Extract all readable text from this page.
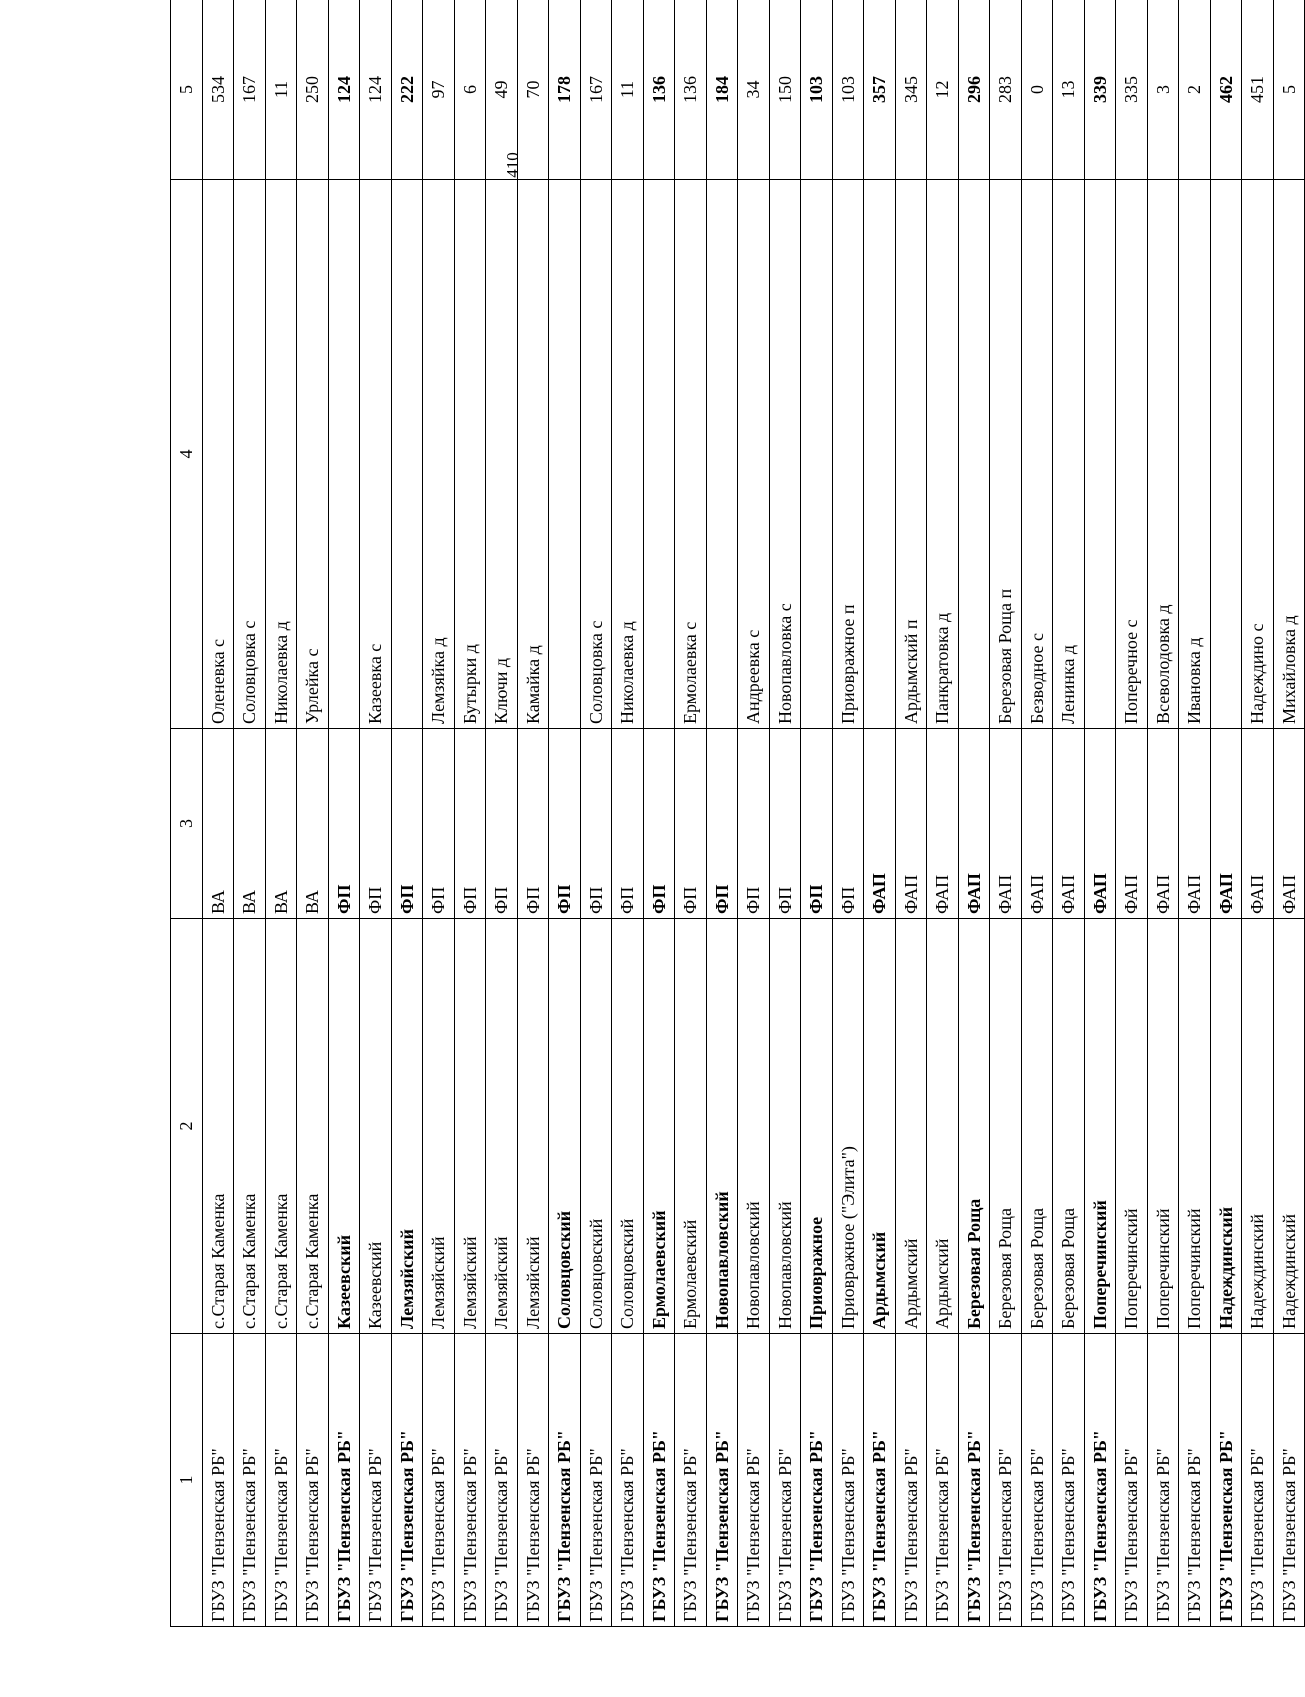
410
1	2	3	4	5
ГБУЗ "Пензенская РБ"	с.Старая Каменка	ВА	Оленевка с	534
ГБУЗ "Пензенская РБ"	с.Старая Каменка	ВА	Соловцовка с	167
ГБУЗ "Пензенская РБ"	с.Старая Каменка	ВА	Николаевка д	11
ГБУЗ "Пензенская РБ"	с.Старая Каменка	ВА	Урлейка с	250
ГБУЗ "Пензенская РБ"	Казеевский	ФП		124
ГБУЗ "Пензенская РБ"	Казеевский	ФП	Казеевка с	124
ГБУЗ "Пензенская РБ"	Лемзяйский	ФП		222
ГБУЗ "Пензенская РБ"	Лемзяйский	ФП	Лемзяйка д	97
ГБУЗ "Пензенская РБ"	Лемзяйский	ФП	Бутырки д	6
ГБУЗ "Пензенская РБ"	Лемзяйский	ФП	Ключи д	49
ГБУЗ "Пензенская РБ"	Лемзяйский	ФП	Камайка д	70
ГБУЗ "Пензенская РБ"	Соловцовский	ФП		178
ГБУЗ "Пензенская РБ"	Соловцовский	ФП	Соловцовка с	167
ГБУЗ "Пензенская РБ"	Соловцовский	ФП	Николаевка д	11
ГБУЗ "Пензенская РБ"	Ермолаевский	ФП		136
ГБУЗ "Пензенская РБ"	Ермолаевский	ФП	Ермолаевка с	136
ГБУЗ "Пензенская РБ"	Новопавловский	ФП		184
ГБУЗ "Пензенская РБ"	Новопавловский	ФП	Андреевка с	34
ГБУЗ "Пензенская РБ"	Новопавловский	ФП	Новопавловка с	150
ГБУЗ "Пензенская РБ"	Приовражное	ФП		103
ГБУЗ "Пензенская РБ"	Приовражное ("Элита")	ФП	Приовражное п	103
ГБУЗ "Пензенская РБ"	Ардымский	ФАП		357
ГБУЗ "Пензенская РБ"	Ардымский	ФАП	Ардымский п	345
ГБУЗ "Пензенская РБ"	Ардымский	ФАП	Панкратовка д	12
ГБУЗ "Пензенская РБ"	Березовая Роща	ФАП		296
ГБУЗ "Пензенская РБ"	Березовая Роща	ФАП	Березовая Роща п	283
ГБУЗ "Пензенская РБ"	Березовая Роща	ФАП	Безводное с	0
ГБУЗ "Пензенская РБ"	Березовая Роща	ФАП	Ленинка д	13
ГБУЗ "Пензенская РБ"	Поперечинский	ФАП		339
ГБУЗ "Пензенская РБ"	Поперечинский	ФАП	Поперечное с	335
ГБУЗ "Пензенская РБ"	Поперечинский	ФАП	Всеволодовка д	3
ГБУЗ "Пензенская РБ"	Поперечинский	ФАП	Ивановка д	2
ГБУЗ "Пензенская РБ"	Надеждинский	ФАП		462
ГБУЗ "Пензенская РБ"	Надеждинский	ФАП	Надеждино с	451
ГБУЗ "Пензенская РБ"	Надеждинский	ФАП	Михайловка д	5
